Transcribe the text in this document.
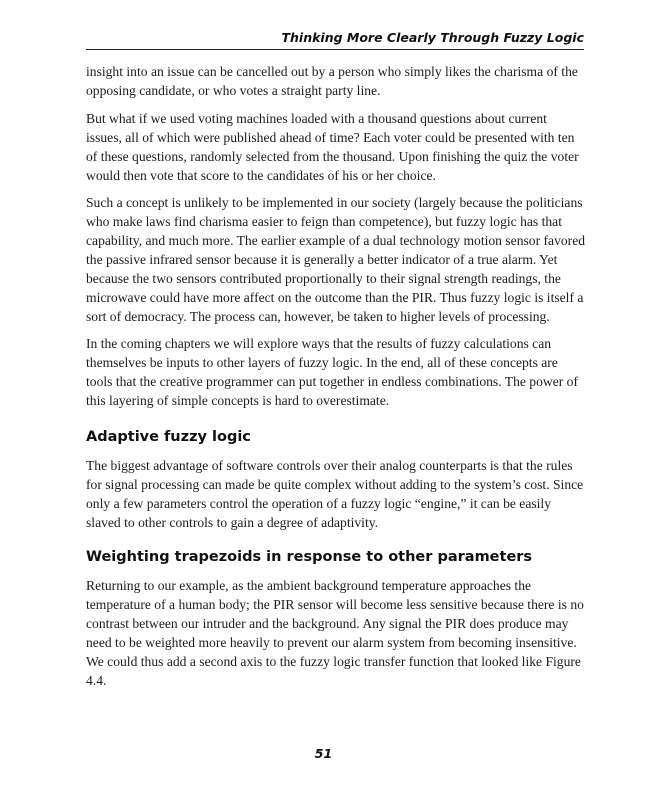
Thinking More Clearly Through Fuzzy Logic

insight into an issue can be cancelled out by a person who simply likes the charisma of the opposing candidate, or who votes a straight party line.

But what if we used voting machines loaded with a thousand questions about current issues, all of which were published ahead of time? Each voter could be presented with ten of these questions, randomly selected from the thousand. Upon finishing the quiz the voter would then vote that score to the candidates of his or her choice.

Such a concept is unlikely to be implemented in our society (largely because the politicians who make laws find charisma easier to feign than competence), but fuzzy logic has that capability, and much more. The earlier example of a dual technology motion sensor favored the passive infrared sensor because it is generally a better indicator of a true alarm. Yet because the two sensors contributed proportionally to their signal strength readings, the microwave could have more affect on the outcome than the PIR. Thus fuzzy logic is itself a sort of democracy. The process can, however, be taken to higher levels of processing.

In the coming chapters we will explore ways that the results of fuzzy calculations can themselves be inputs to other layers of fuzzy logic. In the end, all of these concepts are tools that the creative programmer can put together in endless combinations. The power of this layering of simple concepts is hard to overestimate.

Adaptive fuzzy logic

The biggest advantage of software controls over their analog counterparts is that the rules for signal processing can made be quite complex without adding to the system’s cost. Since only a few parameters control the operation of a fuzzy logic “engine,” it can be easily slaved to other controls to gain a degree of adaptivity.

Weighting trapezoids in response to other parameters

Returning to our example, as the ambient background temperature approaches the temperature of a human body; the PIR sensor will become less sensitive because there is no contrast between our intruder and the background. Any signal the PIR does produce may need to be weighted more heavily to prevent our alarm system from becoming insensitive. We could thus add a second axis to the fuzzy logic transfer function that looked like Figure 4.4.

51
